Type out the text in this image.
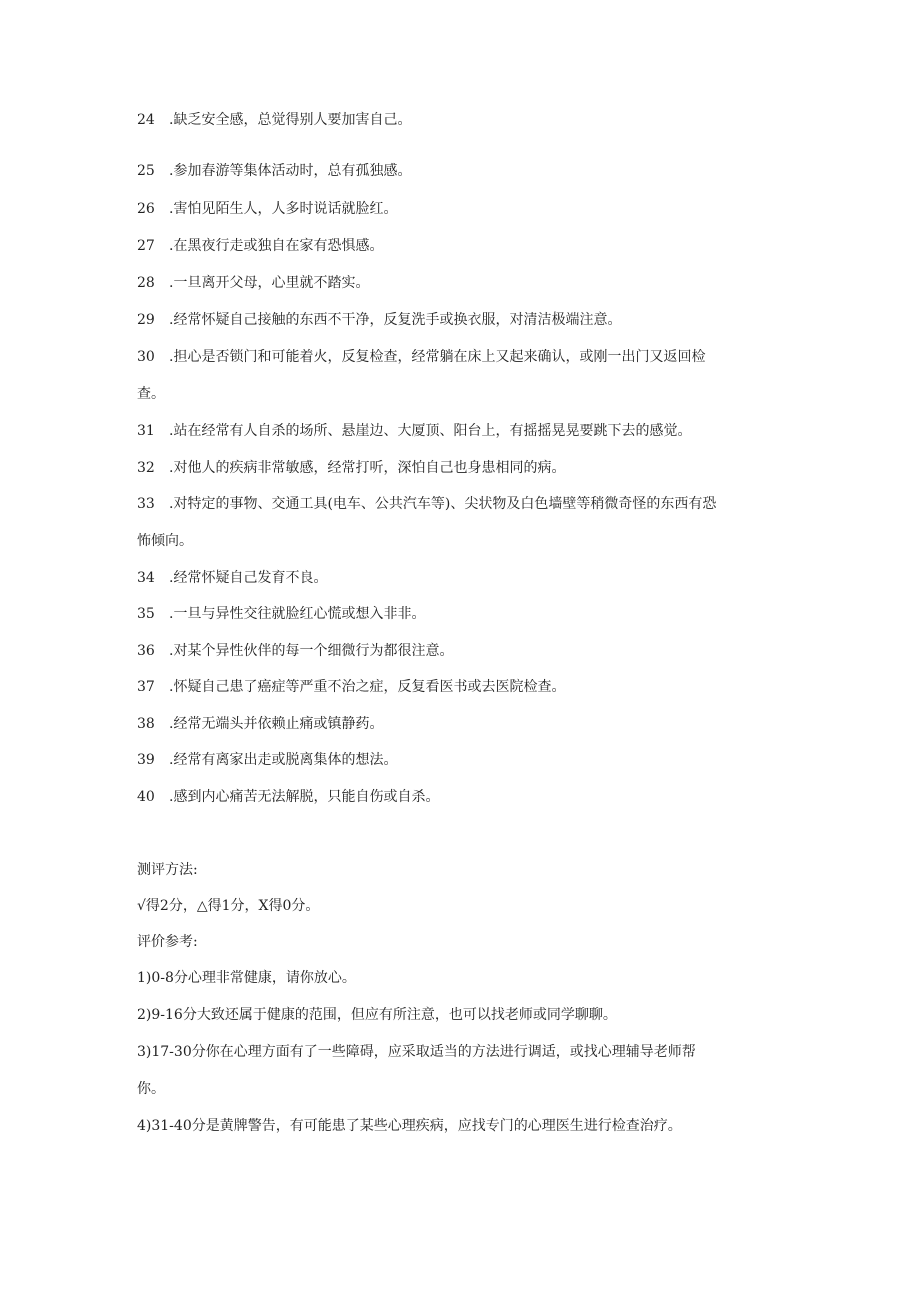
24 .缺乏安全感，总觉得别人要加害自己。
25 .参加春游等集体活动时，总有孤独感。
26 .害怕见陌生人，人多时说话就脸红。
27 .在黑夜行走或独自在家有恐惧感。
28 .一旦离开父母，心里就不踏实。
29 .经常怀疑自己接触的东西不干净，反复洗手或换衣服，对清洁极端注意。
30 .担心是否锁门和可能着火，反复检查，经常躺在床上又起来确认，或刚一出门又返回检
查。
31 .站在经常有人自杀的场所、悬崖边、大厦顶、阳台上，有摇摇晃晃要跳下去的感觉。
32 .对他人的疾病非常敏感，经常打听，深怕自己也身患相同的病。
33 .对特定的事物、交通工具(电车、公共汽车等)、尖状物及白色墙壁等稍微奇怪的东西有恐
怖倾向。
34 .经常怀疑自己发育不良。
35 .一旦与异性交往就脸红心慌或想入非非。
36 .对某个异性伙伴的每一个细微行为都很注意。
37 .怀疑自己患了癌症等严重不治之症，反复看医书或去医院检查。
38 .经常无端头并依赖止痛或镇静药。
39 .经常有离家出走或脱离集体的想法。
40 .感到内心痛苦无法解脱，只能自伤或自杀。
测评方法:
√得2分，△得1分，X得0分。
评价参考:
1)0-8分心理非常健康，请你放心。
2)9-16分大致还属于健康的范围，但应有所注意，也可以找老师或同学聊聊。
3)17-30分你在心理方面有了一些障碍，应采取适当的方法进行调适，或找心理辅导老师帮
你。
4)31-40分是黄牌警告，有可能患了某些心理疾病，应找专门的心理医生进行检查治疗。
